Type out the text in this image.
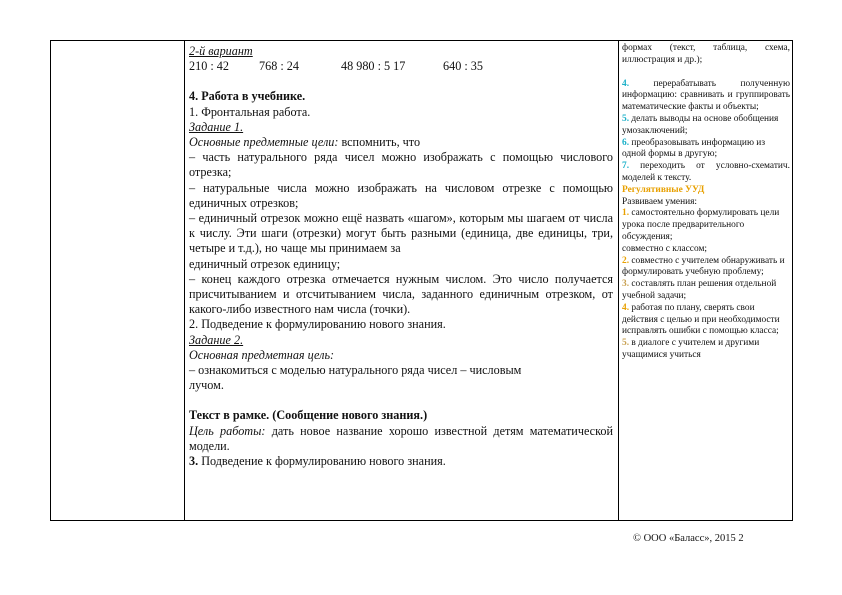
2-й вариант

210 : 42 768 : 24	48 980 : 5 17	640 : 35

4. Работа в учебнике.

1. Фронтальная работа.

Задание 1.

Основные предметные цели: вспомнить, что

– часть натурального ряда чисел можно изображать с помощью числового отрезка;

– натуральные числа можно изображать на числовом отрезке с помощью единичных отрезков;

– единичный отрезок можно ещё назвать «шагом», которым мы шагаем от числа к числу. Эти шаги (отрезки) могут быть разными (единица, две единицы, три, четыре и т.д.), но чаще мы принимаем за

единичный отрезок единицу;

– конец каждого отрезка отмечается нужным числом. Это число получается присчитыванием и отсчитыванием числа, заданного единичным отрезком, от какого-либо известного нам числа (точки).

2. Подведение к формулированию нового знания.

Задание 2.

Основная предметная цель:

– ознакомиться с моделью натурального ряда чисел – числовым

лучом.

Текст в рамке. (Сообщение нового знания.)

Цель работы: дать новое название хорошо известной детям математической модели.

3. Подведение к формулированию нового знания.

формах (текст, таблица, схема, иллюстрация и др.);

4. перерабатывать полученную информацию: сравнивать и группировать математические факты и объекты;

5. делать выводы на основе обобщения умозаключений;

6. преобразовывать информацию из одной формы в другую;

7. переходить от условно-схематич. моделей к тексту.

Регулятивные УУД

Развиваем умения:

1. самостоятельно формулировать цели урока после предварительного обсуждения;

совместно с классом;

2. совместно с учителем обнаруживать и формулировать учебную проблему;

3. составлять план решения отдельной учебной задачи;

4. работая по плану, сверять свои действия с целью и при необходимости исправлять ошибки с помощью класса;

5. в диалоге с учителем и другими учащимися учиться

© ООО «Баласс», 2015 2
